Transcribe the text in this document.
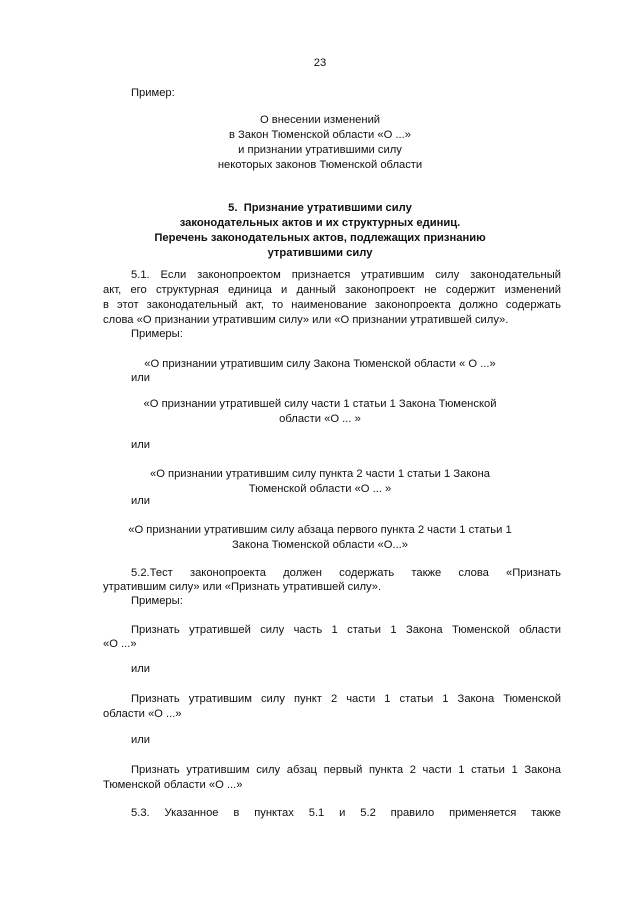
23
Пример:
О внесении изменений
в Закон Тюменской области «О ...»
и признании утратившими силу
некоторых законов Тюменской области
5. Признание утратившими силу
законодательных актов и их структурных единиц.
Перечень законодательных актов, подлежащих признанию
утратившими силу
5.1. Если законопроектом признается утратившим силу законодательный
акт, его структурная единица и данный законопроект не содержит изменений
в этот законодательный акт, то наименование законопроекта должно содержать
слова «О признании утратившим силу» или «О признании утратившей силу».
Примеры:
«О признании утратившим силу Закона Тюменской области « О ...»
или
«О признании утратившей силу части 1 статьи 1 Закона Тюменской
области «О ... »
или
«О признании утратившим силу пункта 2 части 1 статьи 1 Закона
Тюменской области «О ... »
или
«О признании утратившим силу абзаца первого пункта 2 части 1 статьи 1
Закона Тюменской области «О...»
5.2.Тест законопроекта должен содержать также слова «Признать
утратившим силу» или «Признать утратившей силу».
Примеры:
Признать утратившей силу часть 1 статьи 1 Закона Тюменской области
«О ...»
или
Признать утратившим силу пункт 2 части 1 статьи 1 Закона Тюменской
области «О ...»
или
Признать утратившим силу абзац первый пункта 2 части 1 статьи 1 Закона
Тюменской области «О ...»
5.3. Указанное в пунктах 5.1 и 5.2 правило применяется также
